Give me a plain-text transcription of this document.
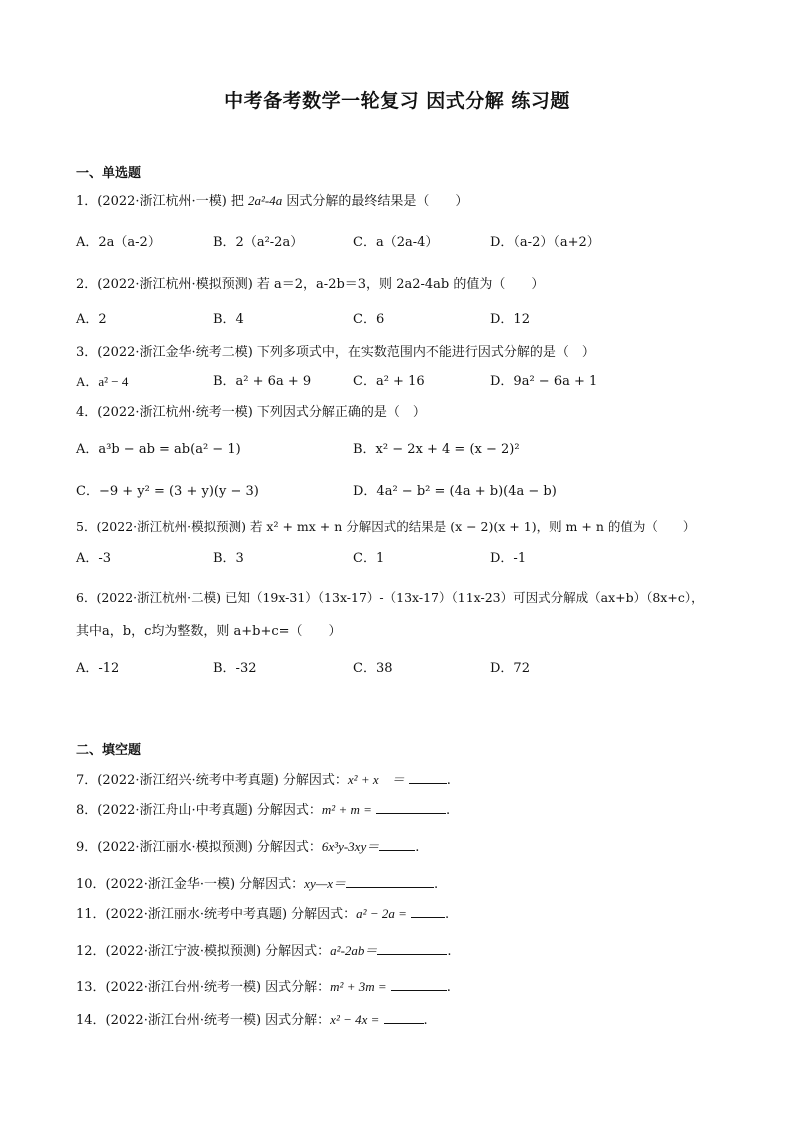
中考备考数学一轮复习 因式分解 练习题
一、单选题
1．(2022·浙江杭州·一模) 把 2a²-4a 因式分解的最终结果是（　　）
A．2a（a-2）	B．2（a²-2a）	C．a（2a-4）	D．（a-2）（a+2）
2．(2022·浙江杭州·模拟预测) 若 a＝2，a-2b＝3，则 2a2-4ab 的值为（　　）
A．2	B．4	C．6	D．12
3．(2022·浙江金华·统考二模) 下列多项式中，在实数范围内不能进行因式分解的是（　）
A．a² − 4	B．a² + 6a + 9	C．a² + 16	D．9a² − 6a + 1
4．(2022·浙江杭州·统考一模) 下列因式分解正确的是（　）
A．a³b − ab = ab(a² − 1)	B．x² − 2x + 4 = (x − 2)²
C．−9 + y² = (3 + y)(y − 3)	D．4a² − b² = (4a + b)(4a − b)
5．(2022·浙江杭州·模拟预测) 若 x² + mx + n 分解因式的结果是 (x − 2)(x + 1)，则 m + n 的值为（　　）
A．-3	B．3	C．1	D．-1
6．(2022·浙江杭州·二模) 已知（19x-31）（13x-17）-（13x-17）（11x-23）可因式分解成（ax+b）（8x+c），
其中a，b，c均为整数，则 a+b+c=（　　）
A．-12	B．-32	C．38	D．72
二、填空题
7．(2022·浙江绍兴·统考中考真题) 分解因式：x² + x　＝	.
8．(2022·浙江舟山·中考真题) 分解因式：m² + m =	.
9．(2022·浙江丽水·模拟预测) 分解因式：6x³y-3xy＝	.
10．(2022·浙江金华·一模) 分解因式：xy—x＝	.
11．(2022·浙江丽水·统考中考真题) 分解因式：a² − 2a =	.
12．(2022·浙江宁波·模拟预测) 分解因式：a²-2ab＝	.
13．(2022·浙江台州·统考一模) 因式分解：m² + 3m =	.
14．(2022·浙江台州·统考一模) 因式分解：x² − 4x =	.
